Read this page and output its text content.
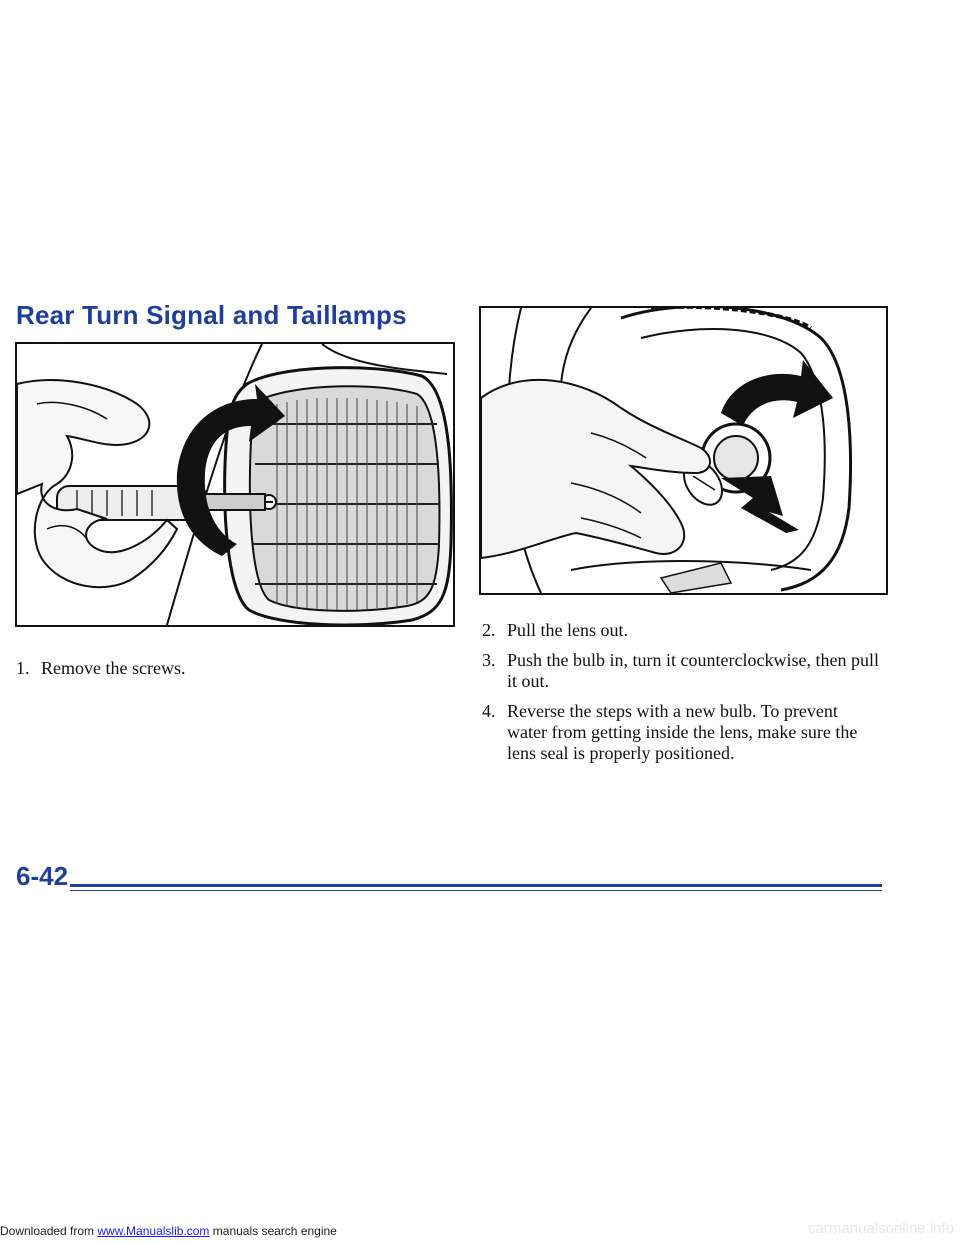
Rear Turn Signal and Taillamps
1. Remove the screws.
2. Pull the lens out.
3. Push the bulb in, turn it counterclockwise, then pull it out.
4. Reverse the steps with a new bulb. To prevent water from getting inside the lens, make sure the lens seal is properly positioned.
6-42
Downloaded from www.Manualslib.com manuals search engine	carmanualsonline.info
